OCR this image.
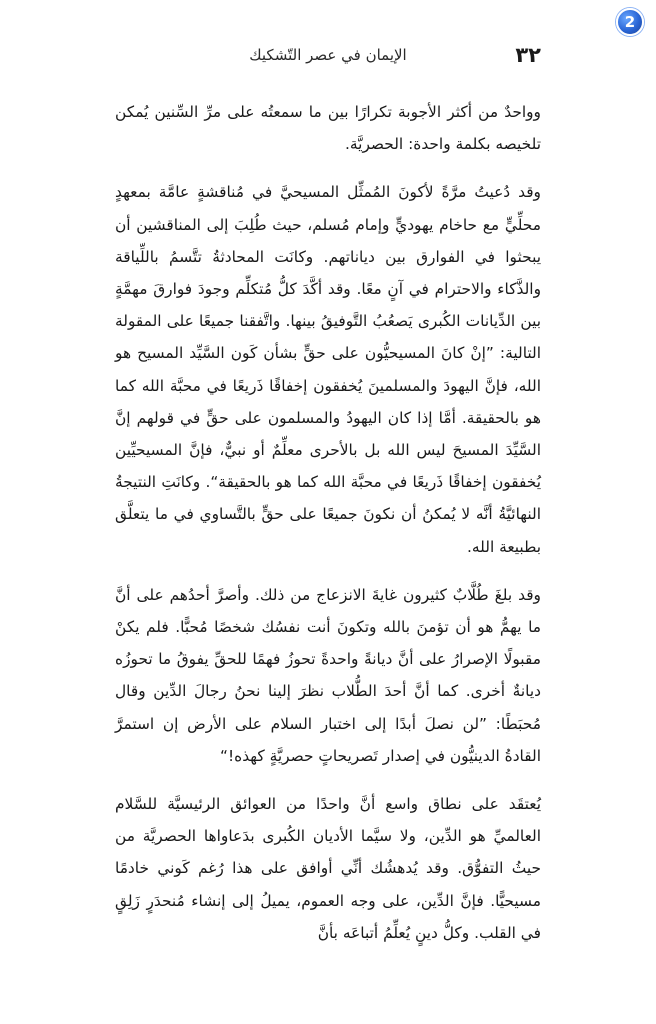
2
٣٢
الإيمان في عصر التّشكيك

وواحدٌ من أكثر الأجوبة تكرارًا بين ما سمعتُه على مرِّ السِّنين يُمكن تلخيصه بكلمة واحدة: الحصريَّة.

وقد دُعيتُ مرَّةً لأكونَ المُمثِّل المسيحيَّ في مُناقشةٍ عامَّة بمعهدٍ محلِّيٍّ مع حاخام يهوديٍّ وإمام مُسلم، حيث طُلِبَ إلى المناقشين أن يبحثوا في الفوارق بين دياناتهم. وكانَت المحادثةُ تتَّسمُ باللِّياقة والذَّكاء والاحترام في آنٍ معًا. وقد أكَّدَ كلُّ مُتكلِّم وجودَ فوارقَ مهمَّةٍ بين الدِّيانات الكُبرى يَصعُبُ التَّوفيقُ بينها. واتَّفقنا جميعًا على المقولة التالية: ”إنْ كانَ المسيحيُّون على حقٍّ بشأن كَون السَّيِّد المسيح هو الله، فإنَّ اليهودَ والمسلمينَ يُخفقون إخفاقًا ذَريعًا في محبَّة الله كما هو بالحقيقة. أمَّا إذا كان اليهودُ والمسلمون على حقٍّ في قولهم إنَّ السَّيِّدَ المسيحَ ليس الله بل بالأحرى معلِّمٌ أو نبيٌّ، فإنَّ المسيحيِّين يُخفقون إخفاقًا ذَريعًا في محبَّة الله كما هو بالحقيقة“. وكانَتِ النتيجةُ النهائيَّةُ أنَّه لا يُمكنُ أن نكونَ جميعًا على حقٍّ بالتَّساوي في ما يتعلَّق بطبيعة الله.

وقد بلغَ طُلَّابٌ كثيرون غايةَ الانزعاج من ذلك. وأصرَّ أحدُهم على أنَّ ما يهمُّ هو أن تؤمنَ بالله وتكونَ أنت نفسُك شخصًا مُحبًّا. فلم يكنْ مقبولًا الإصرارُ على أنَّ ديانةً واحدةً تحوزُ فهمًا للحقِّ يفوقُ ما تحوزُه ديانةٌ أخرى. كما أنَّ أحدَ الطُّلاب نظرَ إلينا نحنُ رجالَ الدِّين وقال مُحبَطًا: ”لن نصلَ أبدًا إلى اختبار السلام على الأرض إن استمرَّ القادةُ الدينيُّون في إصدار تَصريحاتٍ حصريَّةٍ كهذه!“

يُعتقَد على نطاق واسع أنَّ واحدًا من العوائق الرئيسيَّة للسَّلام العالميِّ هو الدِّين، ولا سيَّما الأديان الكُبرى بدَعاواها الحصريَّة من حيثُ التفوُّق. وقد يُدهشُك أنِّي أوافق على هذا رُغم كَوني خادمًا مسيحيًّا. فإنَّ الدِّين، على وجه العموم، يميلُ إلى إنشاء مُنحدَرٍ زَلِقٍ في القلب. وكلُّ دينٍ يُعلِّمُ أتباعَه بأنَّ
